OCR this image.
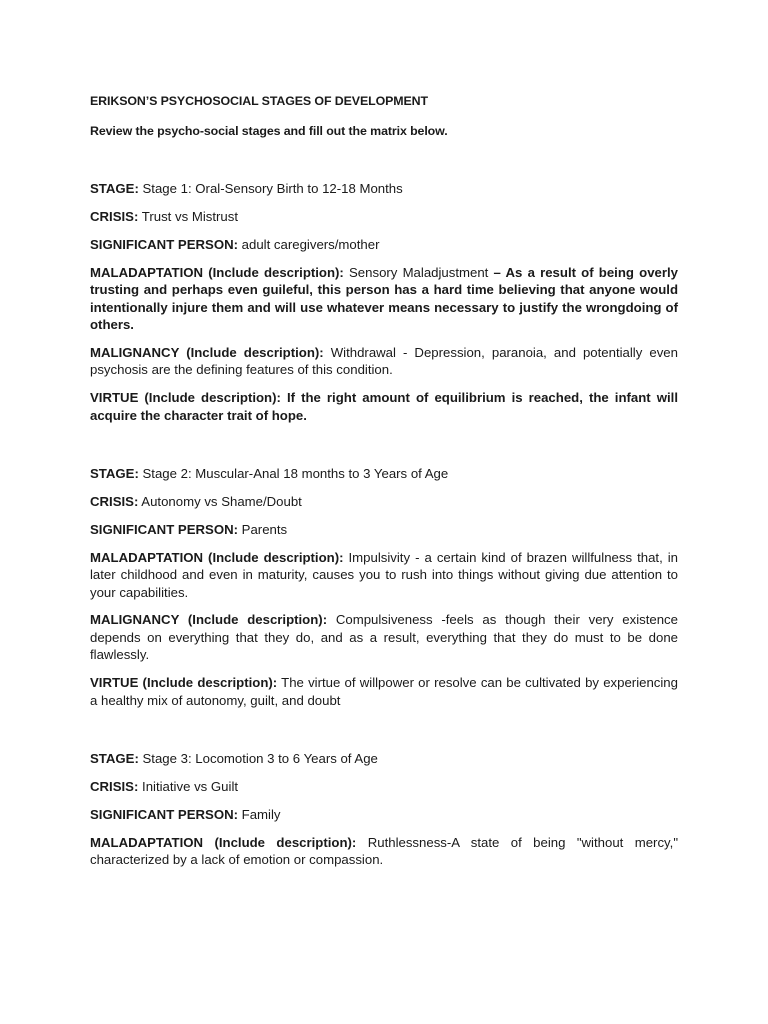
ERIKSON’S PSYCHOSOCIAL STAGES OF DEVELOPMENT

Review the psycho-social stages and fill out the matrix below.

STAGE: Stage 1: Oral-Sensory Birth to 12-18 Months

CRISIS: Trust vs Mistrust

SIGNIFICANT PERSON: adult caregivers/mother

MALADAPTATION (Include description): Sensory Maladjustment – As a result of being overly trusting and perhaps even guileful, this person has a hard time believing that anyone would intentionally injure them and will use whatever means necessary to justify the wrongdoing of others.

MALIGNANCY (Include description): Withdrawal - Depression, paranoia, and potentially even psychosis are the defining features of this condition.

VIRTUE (Include description): If the right amount of equilibrium is reached, the infant will acquire the character trait of hope.

STAGE: Stage 2: Muscular-Anal 18 months to 3 Years of Age

CRISIS: Autonomy vs Shame/Doubt

SIGNIFICANT PERSON: Parents

MALADAPTATION (Include description): Impulsivity - a certain kind of brazen willfulness that, in later childhood and even in maturity, causes you to rush into things without giving due attention to your capabilities.

MALIGNANCY (Include description): Compulsiveness -feels as though their very existence depends on everything that they do, and as a result, everything that they do must to be done flawlessly.

VIRTUE (Include description): The virtue of willpower or resolve can be cultivated by experiencing a healthy mix of autonomy, guilt, and doubt

STAGE: Stage 3: Locomotion 3 to 6 Years of Age

CRISIS: Initiative vs Guilt

SIGNIFICANT PERSON: Family

MALADAPTATION (Include description): Ruthlessness-A state of being "without mercy," characterized by a lack of emotion or compassion.
